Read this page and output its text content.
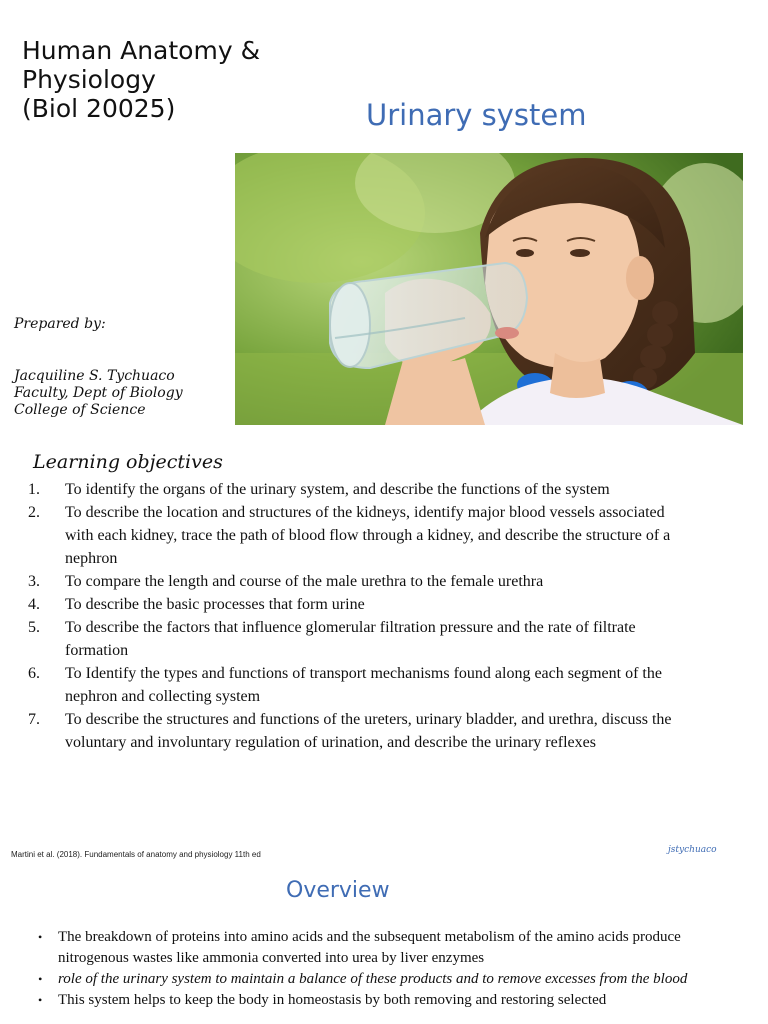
Human Anatomy &
Physiology
(Biol 20025)	Urinary system
Prepared by:
Jacquiline S. Tychuaco
Faculty, Dept of Biology
College of Science
Learning objectives
1. To identify the organs of the urinary system, and describe the functions of the system
2. To describe the location and structures of the kidneys, identify major blood vessels associated with each kidney, trace the path of blood flow through a kidney, and describe the structure of a nephron
3. To compare the length and course of the male urethra to the female urethra
4. To describe the basic processes that form urine
5. To describe the factors that influence glomerular filtration pressure and the rate of filtrate formation
6. To Identify the types and functions of transport mechanisms found along each segment of the nephron and collecting system
7. To describe the structures and functions of the ureters, urinary bladder, and urethra, discuss the voluntary and involuntary regulation of urination, and describe the urinary reflexes
Martini et al. (2018). Fundamentals of anatomy and physiology 11th ed	jstychuaco
Overview
• The breakdown of proteins into amino acids and the subsequent metabolism of the amino acids produce nitrogenous wastes like ammonia converted into urea by liver enzymes
• role of the urinary system to maintain a balance of these products and to remove excesses from the blood
• This system helps to keep the body in homeostasis by both removing and restoring selected
